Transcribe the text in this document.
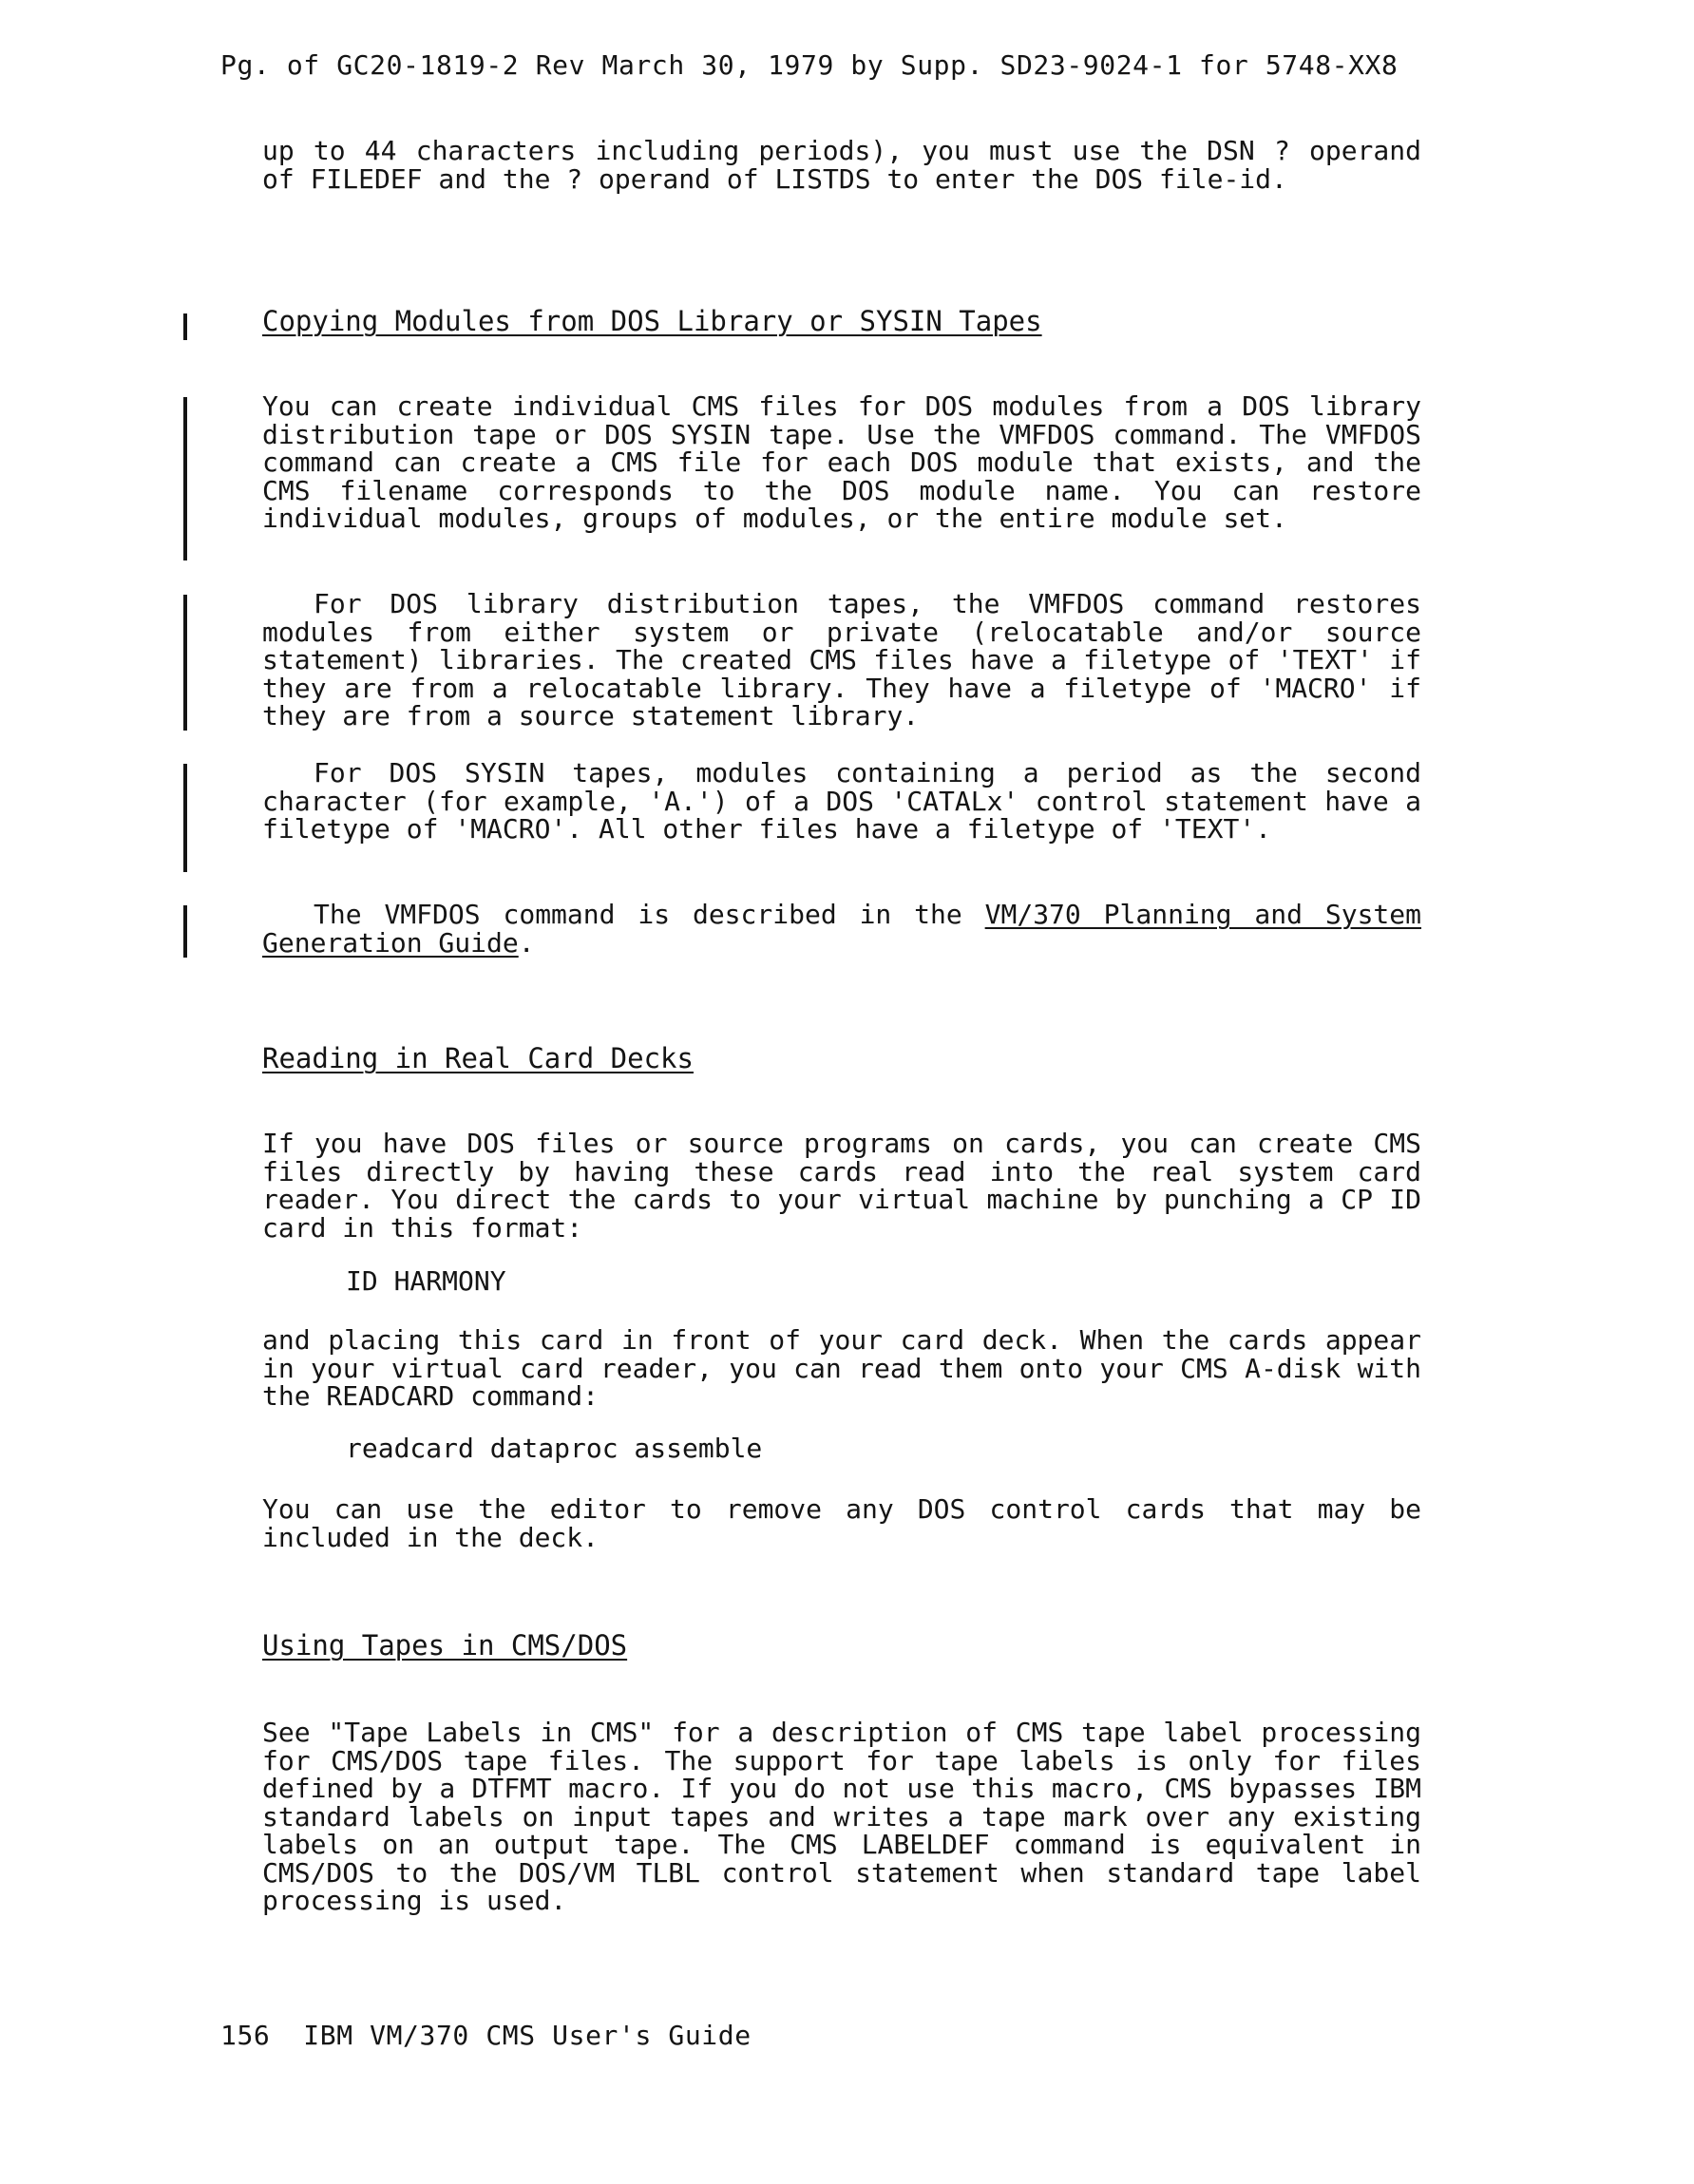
Pg. of GC20-1819-2 Rev March 30, 1979 by Supp. SD23-9024-1 for 5748-XX8
up to 44 characters including periods), you must use the DSN ? operand of FILEDEF and the ? operand of LISTDS to enter the DOS file-id.
Copying Modules from DOS Library or SYSIN Tapes
You can create individual CMS files for DOS modules from a DOS library distribution tape or DOS SYSIN tape. Use the VMFDOS command. The VMFDOS command can create a CMS file for each DOS module that exists, and the CMS filename corresponds to the DOS module name. You can restore individual modules, groups of modules, or the entire module set.
For DOS library distribution tapes, the VMFDOS command restores modules from either system or private (relocatable and/or source statement) libraries. The created CMS files have a filetype of 'TEXT' if they are from a relocatable library. They have a filetype of 'MACRO' if they are from a source statement library.
For DOS SYSIN tapes, modules containing a period as the second character (for example, 'A.') of a DOS 'CATALx' control statement have a filetype of 'MACRO'. All other files have a filetype of 'TEXT'.
The VMFDOS command is described in the VM/370 Planning and System Generation Guide.
Reading in Real Card Decks
If you have DOS files or source programs on cards, you can create CMS files directly by having these cards read into the real system card reader. You direct the cards to your virtual machine by punching a CP ID card in this format:
ID HARMONY
and placing this card in front of your card deck. When the cards appear in your virtual card reader, you can read them onto your CMS A-disk with the READCARD command:
readcard dataproc assemble
You can use the editor to remove any DOS control cards that may be included in the deck.
Using Tapes in CMS/DOS
See "Tape Labels in CMS" for a description of CMS tape label processing for CMS/DOS tape files. The support for tape labels is only for files defined by a DTFMT macro. If you do not use this macro, CMS bypasses IBM standard labels on input tapes and writes a tape mark over any existing labels on an output tape. The CMS LABELDEF command is equivalent in CMS/DOS to the DOS/VM TLBL control statement when standard tape label processing is used.
156 IBM VM/370 CMS User's Guide
